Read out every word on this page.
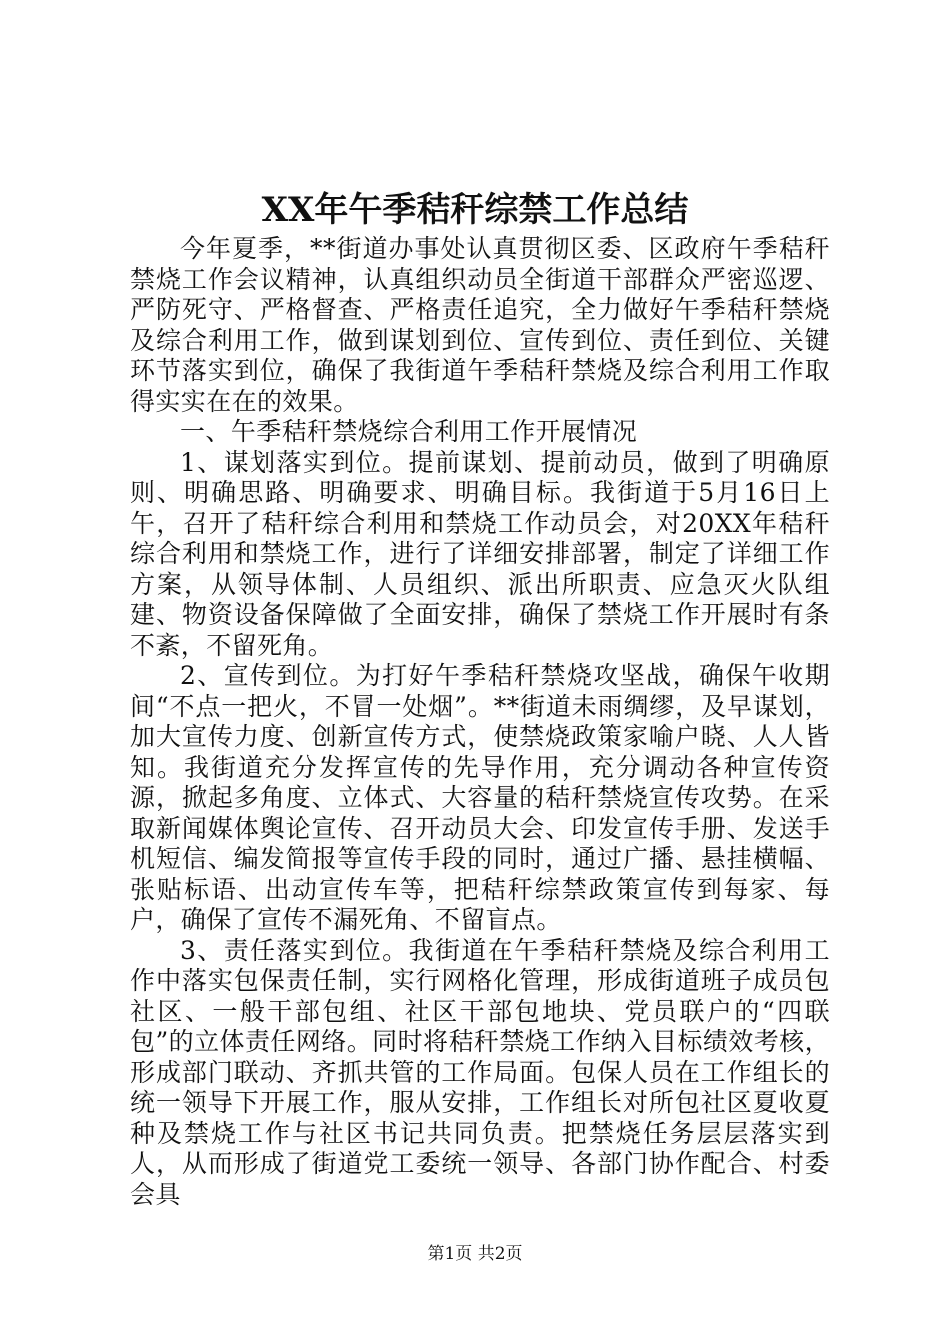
XX年午季秸秆综禁工作总结

今年夏季，**街道办事处认真贯彻区委、区政府午季秸秆禁烧工作会议精神，认真组织动员全街道干部群众严密巡逻、严防死守、严格督查、严格责任追究，全力做好午季秸秆禁烧及综合利用工作，做到谋划到位、宣传到位、责任到位、关键环节落实到位，确保了我街道午季秸秆禁烧及综合利用工作取得实实在在的效果。

一、午季秸秆禁烧综合利用工作开展情况

1、谋划落实到位。提前谋划、提前动员，做到了明确原则、明确思路、明确要求、明确目标。我街道于5月16日上午，召开了秸秆综合利用和禁烧工作动员会，对20XX年秸秆综合利用和禁烧工作，进行了详细安排部署，制定了详细工作方案，从领导体制、人员组织、派出所职责、应急灭火队组建、物资设备保障做了全面安排，确保了禁烧工作开展时有条不紊，不留死角。

2、宣传到位。为打好午季秸秆禁烧攻坚战，确保午收期间“不点一把火，不冒一处烟”。**街道未雨绸缪，及早谋划，加大宣传力度、创新宣传方式，使禁烧政策家喻户晓、人人皆知。我街道充分发挥宣传的先导作用，充分调动各种宣传资源，掀起多角度、立体式、大容量的秸秆禁烧宣传攻势。在采取新闻媒体舆论宣传、召开动员大会、印发宣传手册、发送手机短信、编发简报等宣传手段的同时，通过广播、悬挂横幅、张贴标语、出动宣传车等，把秸秆综禁政策宣传到每家、每户，确保了宣传不漏死角、不留盲点。

3、责任落实到位。我街道在午季秸秆禁烧及综合利用工作中落实包保责任制，实行网格化管理，形成街道班子成员包社区、一般干部包组、社区干部包地块、党员联户的“四联包”的立体责任网络。同时将秸秆禁烧工作纳入目标绩效考核，形成部门联动、齐抓共管的工作局面。包保人员在工作组长的统一领导下开展工作，服从安排，工作组长对所包社区夏收夏种及禁烧工作与社区书记共同负责。把禁烧任务层层落实到人，从而形成了街道党工委统一领导、各部门协作配合、村委会具

第1页 共2页
